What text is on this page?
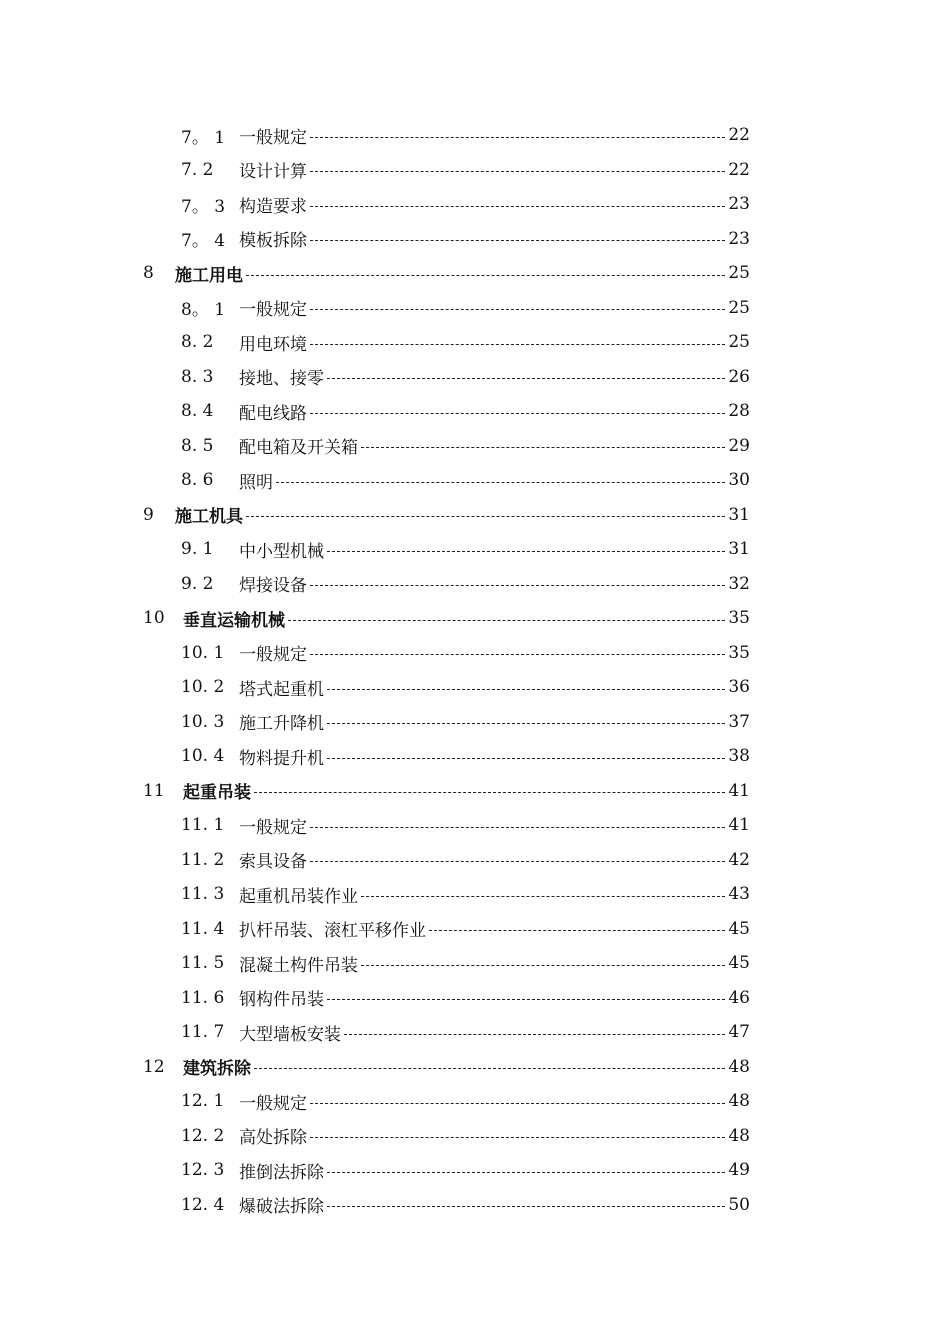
7。 1 一般规定	22
7. 2	设计计算	22
7。 3 构造要求	23
7。 4 模板拆除	23
8	施工用电	25
8。 1 一般规定	25
8. 2	用电环境	25
8. 3	接地、接零	26
8. 4	配电线路	28
8. 5	配电箱及开关箱	29
8. 6	照明	30
9	施工机具	31
9. 1	中小型机械	31
9. 2	焊接设备	32
10	垂直运输机械	35
10. 1 一般规定	35
10. 2 塔式起重机	36
10. 3 施工升降机	37
10. 4 物料提升机	38
11	起重吊装	41
11. 1 一般规定	41
11. 2 索具设备	42
11. 3 起重机吊装作业	43
11. 4 扒杆吊装、滚杠平移作业	45
11. 5 混凝土构件吊装	45
11. 6 钢构件吊装	46
11. 7 大型墙板安装	47
12	建筑拆除	48
12. 1 一般规定	48
12. 2 高处拆除	48
12. 3 推倒法拆除	49
12. 4 爆破法拆除	50
